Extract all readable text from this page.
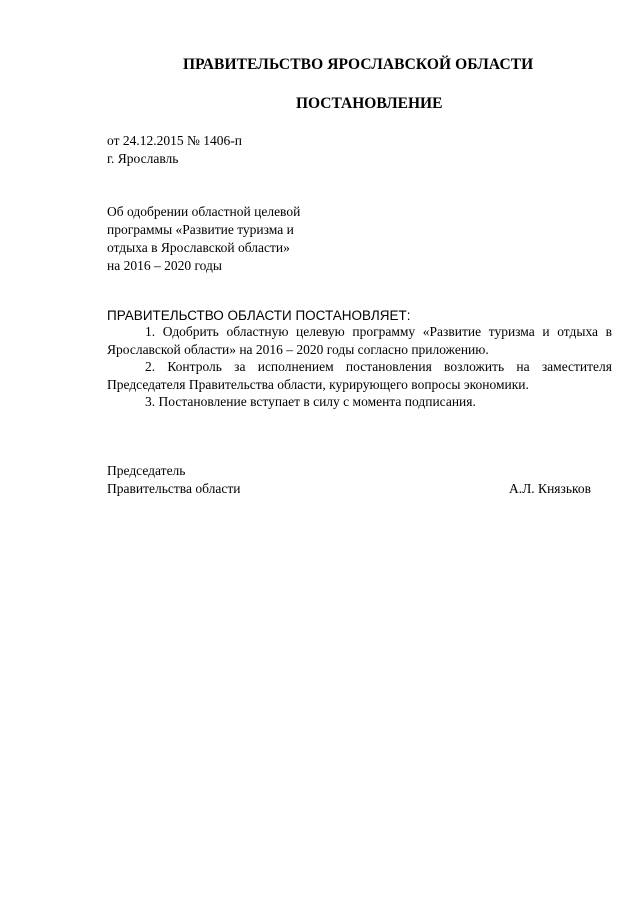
ПРАВИТЕЛЬСТВО ЯРОСЛАВСКОЙ ОБЛАСТИ
ПОСТАНОВЛЕНИЕ
от 24.12.2015 № 1406-п
г. Ярославль
Об одобрении областной целевой
программы «Развитие туризма и
отдыха в Ярославской области»
на 2016 – 2020 годы
ПРАВИТЕЛЬСТВО ОБЛАСТИ ПОСТАНОВЛЯЕТ:

1. Одобрить областную целевую программу «Развитие туризма и отдыха в Ярославской области» на 2016 – 2020 годы согласно приложению.

2. Контроль за исполнением постановления возложить на заместителя Председателя Правительства области, курирующего вопросы экономики.

3. Постановление вступает в силу с момента подписания.

Председатель
Правительства области	А.Л. Князьков
